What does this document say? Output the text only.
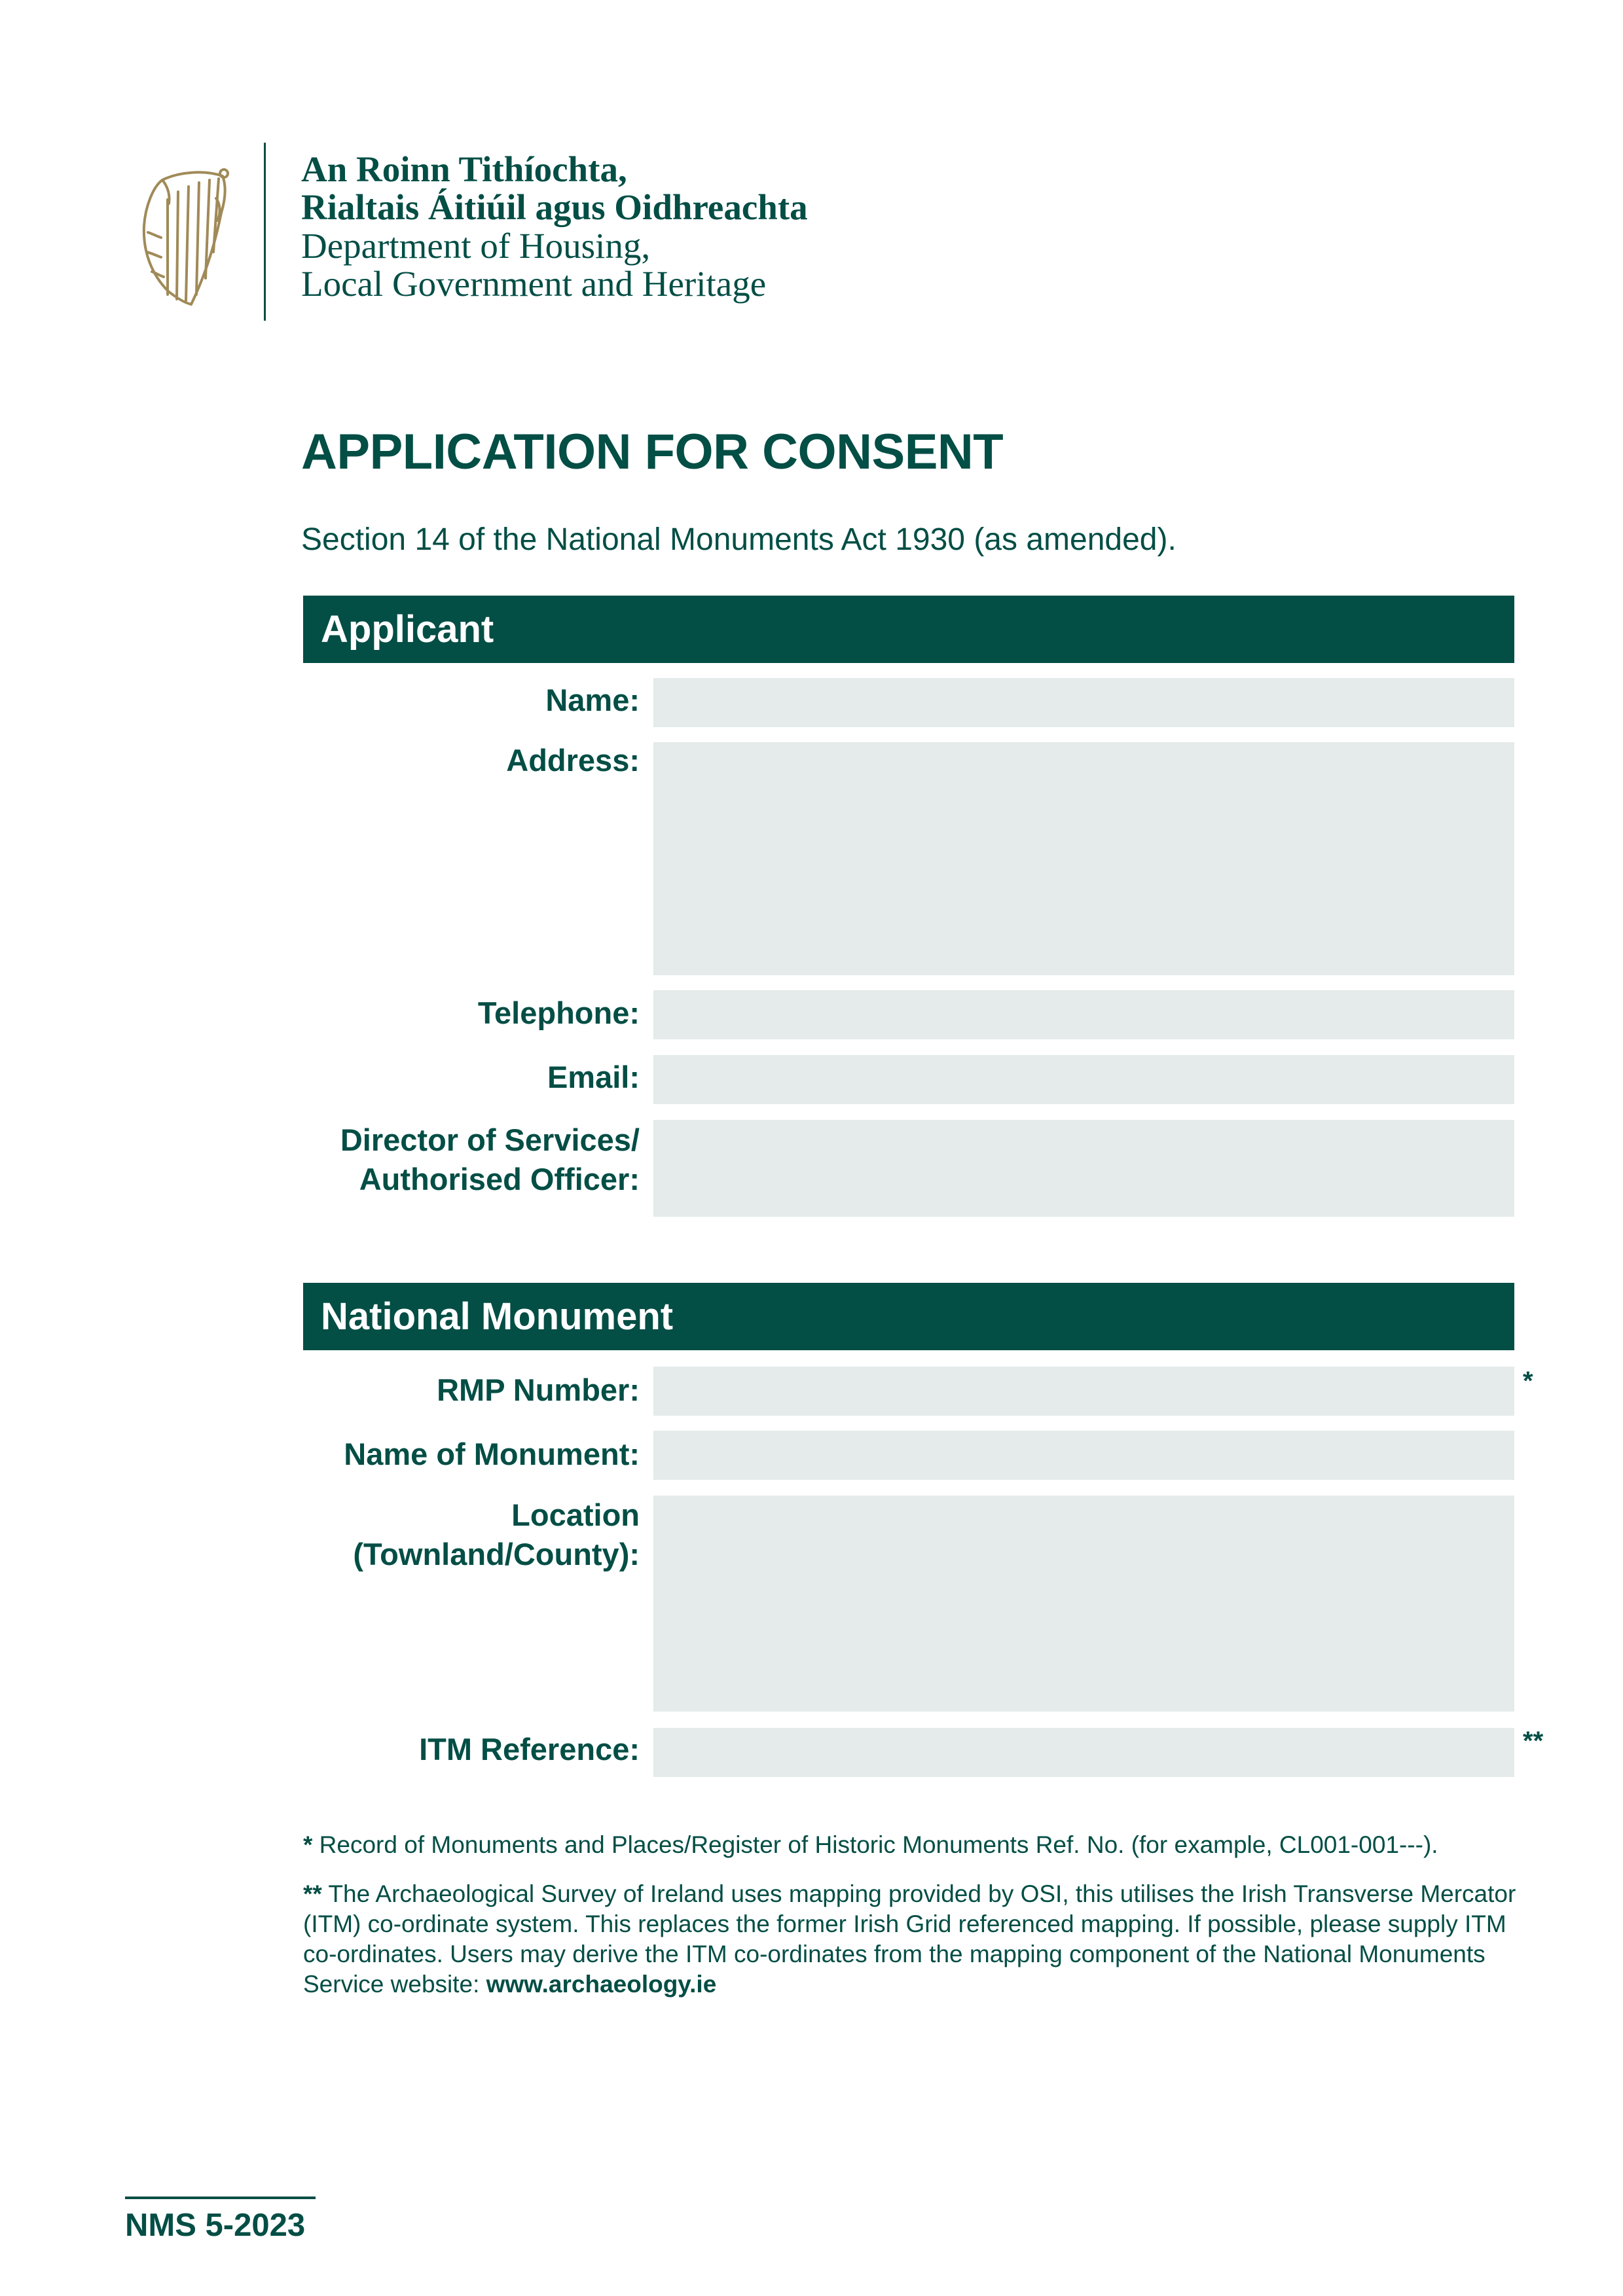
An Roinn Tithíochta,
Rialtais Áitiúil agus Oidhreachta
Department of Housing,
Local Government and Heritage
APPLICATION FOR CONSENT
Section 14 of the National Monuments Act 1930 (as amended).
Applicant
Name:
Address:
Telephone:
Email:
Director of Services/
Authorised Officer:
National Monument
RMP Number:	*
Name of Monument:
Location
(Townland/County):
ITM Reference:	**
* Record of Monuments and Places/Register of Historic Monuments Ref. No. (for example, CL001-001---).
** The Archaeological Survey of Ireland uses mapping provided by OSI, this utilises the Irish Transverse Mercator (ITM) co-ordinate system. This replaces the former Irish Grid referenced mapping. If possible, please supply ITM co-ordinates. Users may derive the ITM co-ordinates from the mapping component of the National Monuments Service website: www.archaeology.ie
NMS 5-2023
